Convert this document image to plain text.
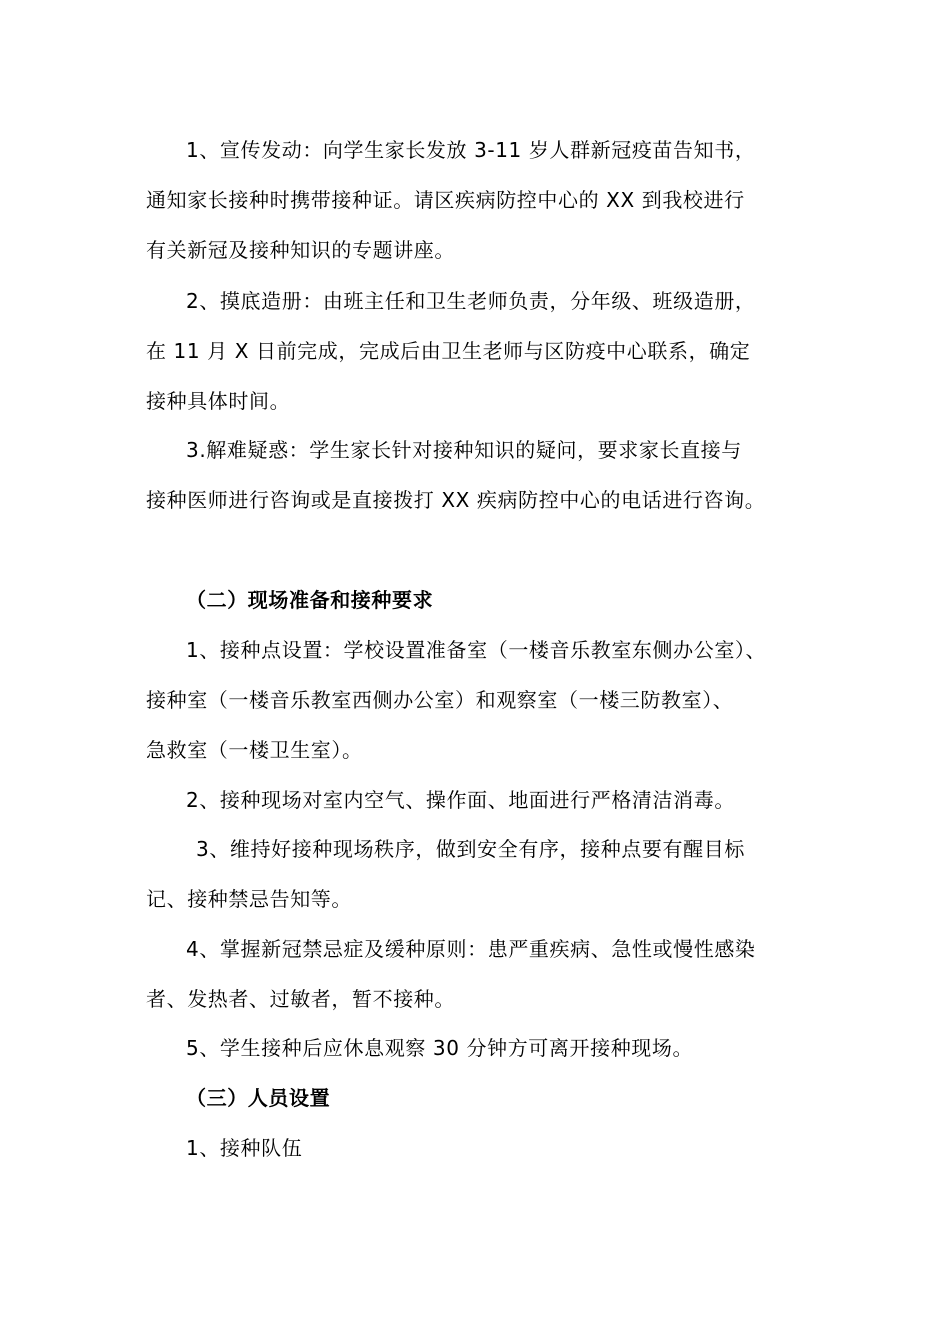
1、宣传发动：向学生家长发放 3-11 岁人群新冠疫苗告知书，
通知家长接种时携带接种证。请区疾病防控中心的 XX 到我校进行
有关新冠及接种知识的专题讲座。
2、摸底造册：由班主任和卫生老师负责，分年级、班级造册，
在 11 月 X 日前完成，完成后由卫生老师与区防疫中心联系，确定
接种具体时间。
3.解难疑惑：学生家长针对接种知识的疑问，要求家长直接与
接种医师进行咨询或是直接拨打 XX 疾病防控中心的电话进行咨询。
（二）现场准备和接种要求
1、接种点设置：学校设置准备室（一楼音乐教室东侧办公室）、
接种室（一楼音乐教室西侧办公室）和观察室（一楼三防教室）、
急救室（一楼卫生室）。
2、接种现场对室内空气、操作面、地面进行严格清洁消毒。
3、维持好接种现场秩序，做到安全有序，接种点要有醒目标
记、接种禁忌告知等。
4、掌握新冠禁忌症及缓种原则：患严重疾病、急性或慢性感染
者、发热者、过敏者，暂不接种。
5、学生接种后应休息观察 30 分钟方可离开接种现场。
（三）人员设置
1、接种队伍
